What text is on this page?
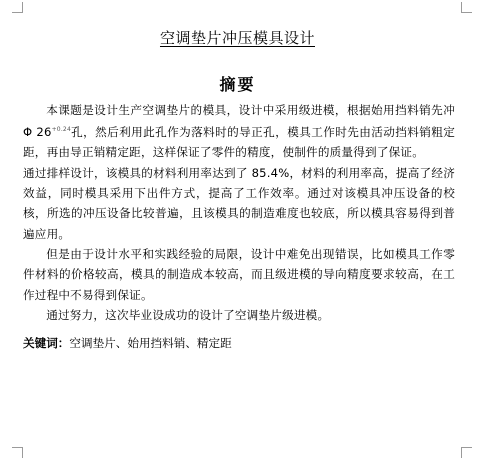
空调垫片冲压模具设计
摘要

本课题是设计生产空调垫片的模具，设计中采用级进模，根据始用挡料销先冲Φ $26^{+0.24}$孔，然后利用此孔作为落料时的导正孔，模具工作时先由活动挡料销粗定距，再由导正销精定距，这样保证了零件的精度，使制件的质量得到了保证。

通过排样设计，该模具的材料利用率达到了 85.4%，材料的利用率高，提高了经济效益，同时模具采用下出件方式，提高了工作效率。通过对该模具冲压设备的校核，所选的冲压设备比较普遍，且该模具的制造难度也较底，所以模具容易得到普遍应用。

但是由于设计水平和实践经验的局限，设计中难免出现错误，比如模具工作零件材料的价格较高，模具的制造成本较高，而且级进模的导向精度要求较高，在工作过程中不易得到保证。

通过努力，这次毕业设成功的设计了空调垫片级进模。

关键词：空调垫片、始用挡料销、精定距
